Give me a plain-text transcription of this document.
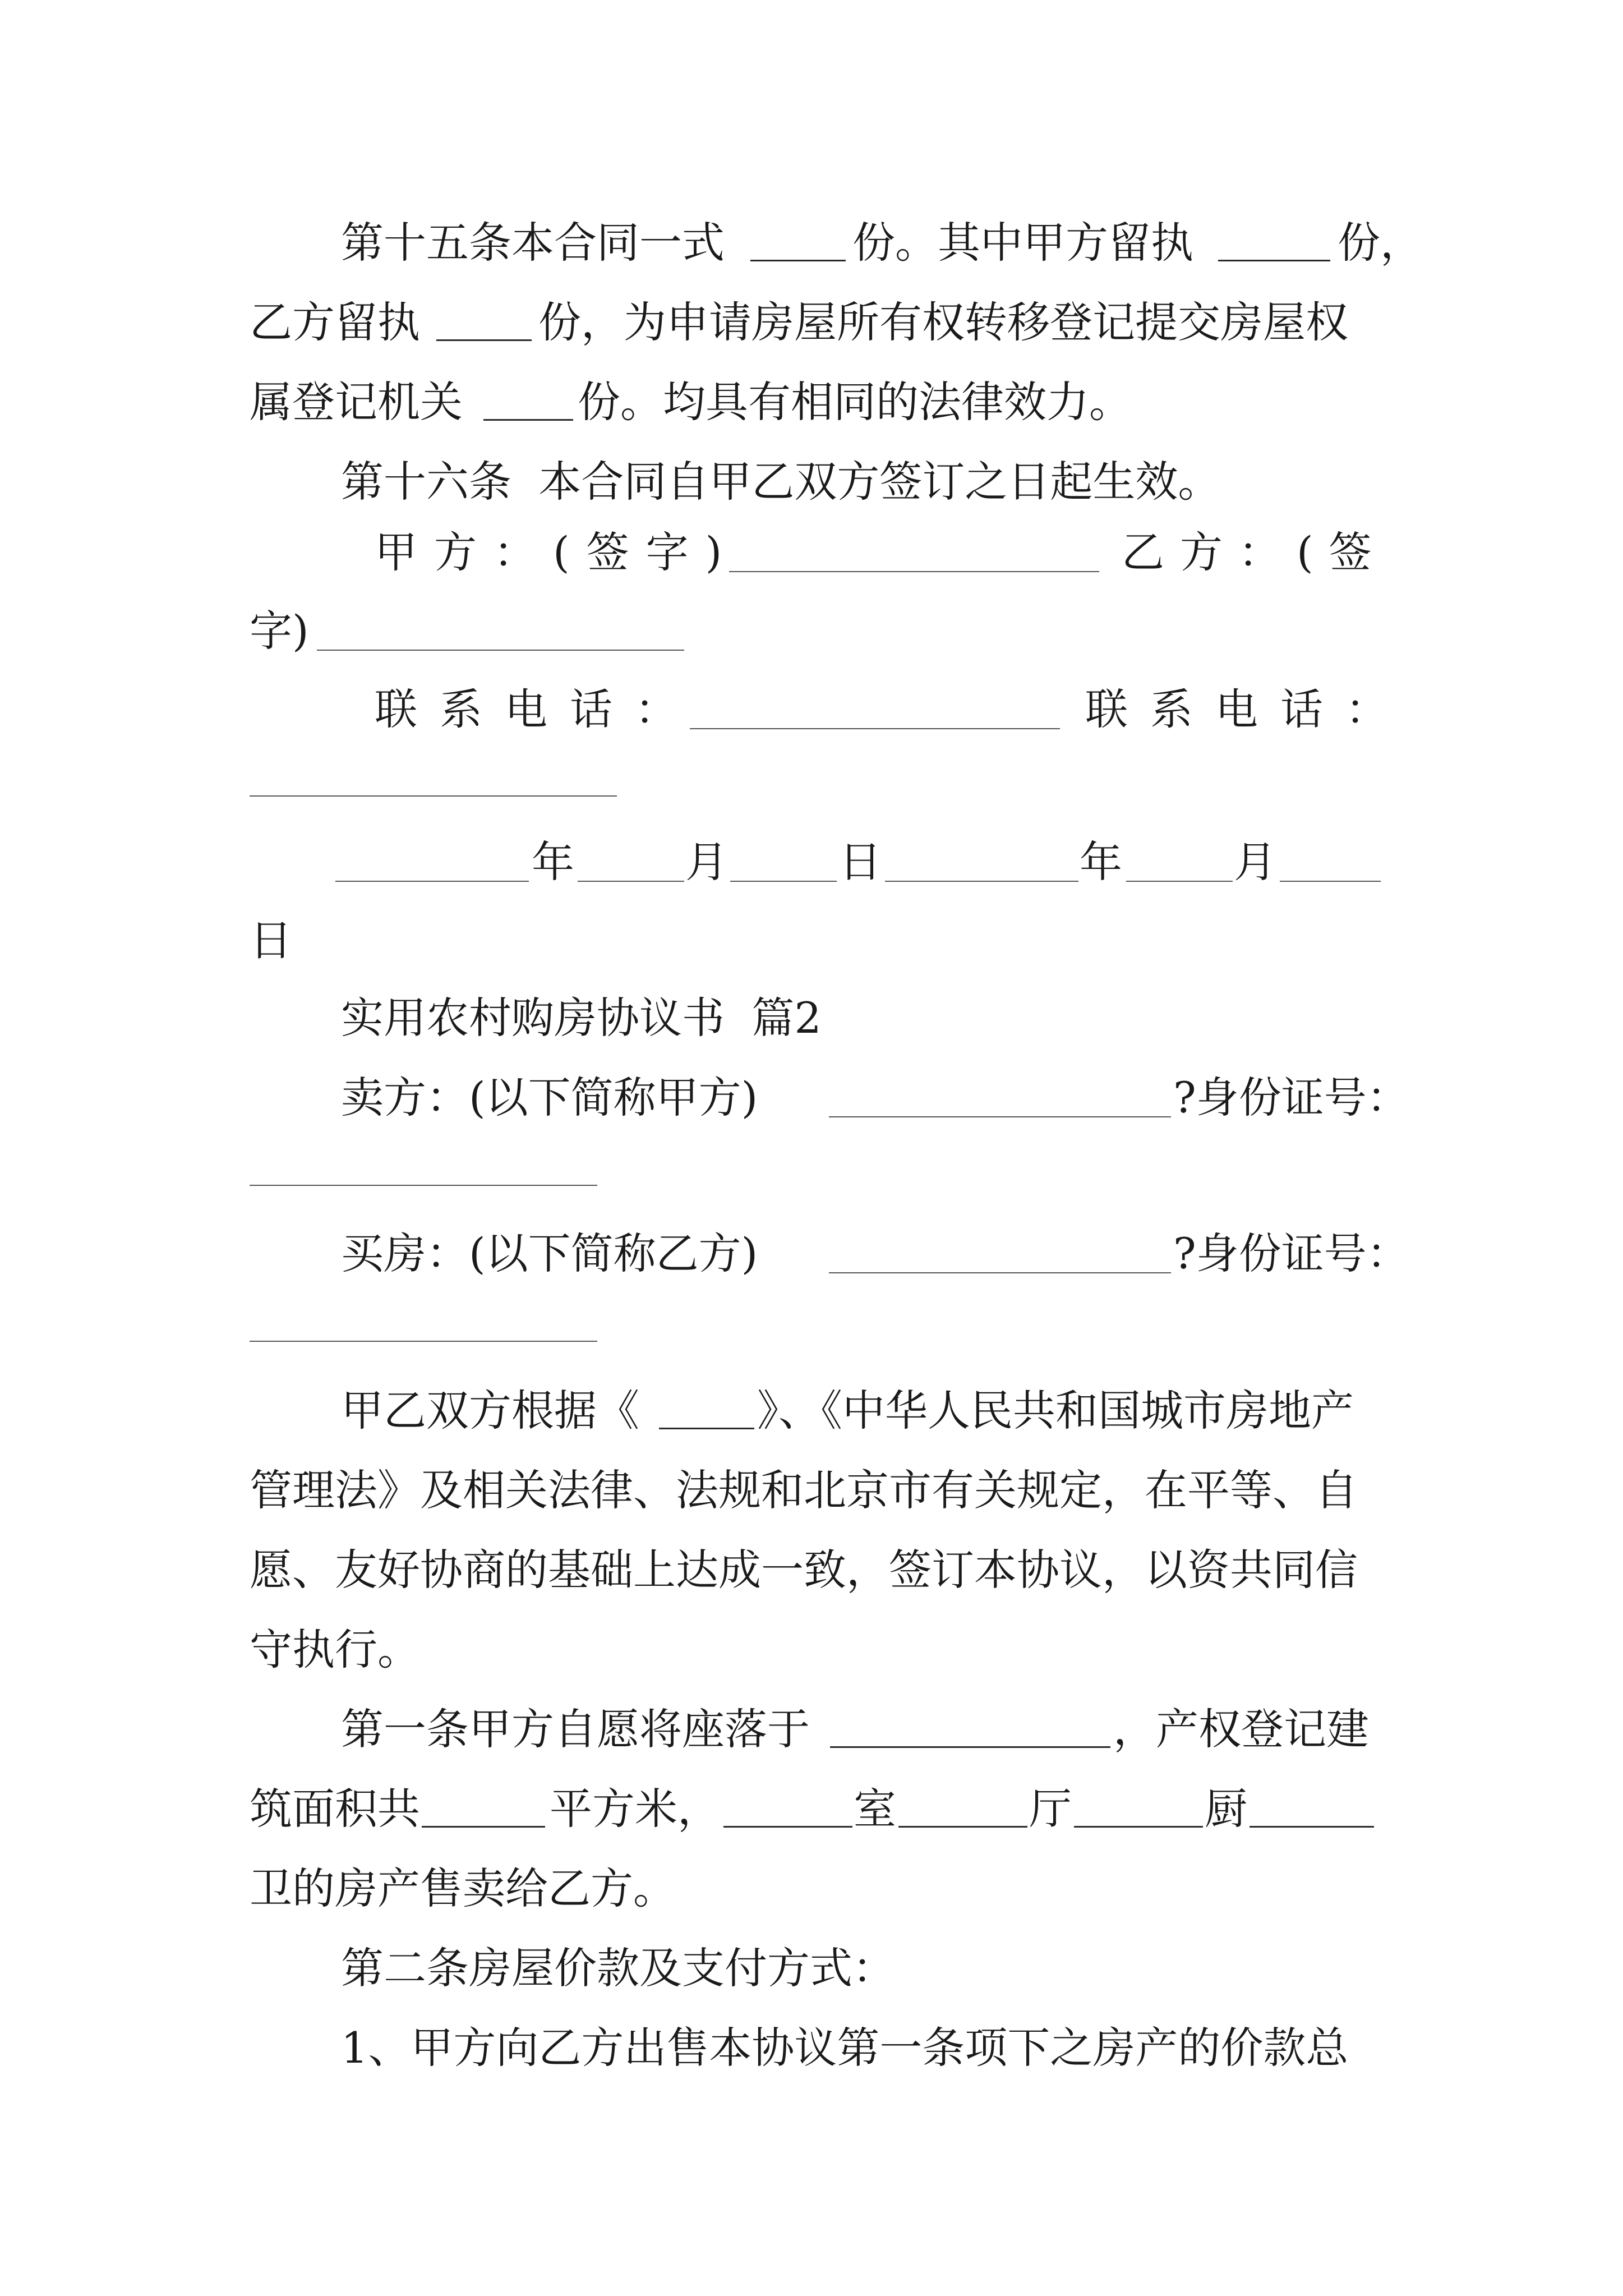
第十五条本合同一式	份。其中甲方留执	份，
乙方留执	份，为申请房屋所有权转移登记提交房屋权
属登记机关	份。均具有相同的法律效力。
第十六条  本合同自甲乙双方签订之日起生效。
甲方：(签字)	乙方：(签
字)
联系电话：	联系电话：
年	月	日	年	月
日
实用农村购房协议书  篇2
卖方：(以下简称甲方)	?身份证号：
买房：(以下简称乙方)	?身份证号：
甲乙双方根据《	》、《中华人民共和国城市房地产
管理法》及相关法律、法规和北京市有关规定，在平等、自
愿、友好协商的基础上达成一致，签订本协议，以资共同信
守执行。
第一条甲方自愿将座落于	，产权登记建
筑面积共	平方米，	室	厅	厨
卫的房产售卖给乙方。
第二条房屋价款及支付方式：
1、甲方向乙方出售本协议第一条项下之房产的价款总
